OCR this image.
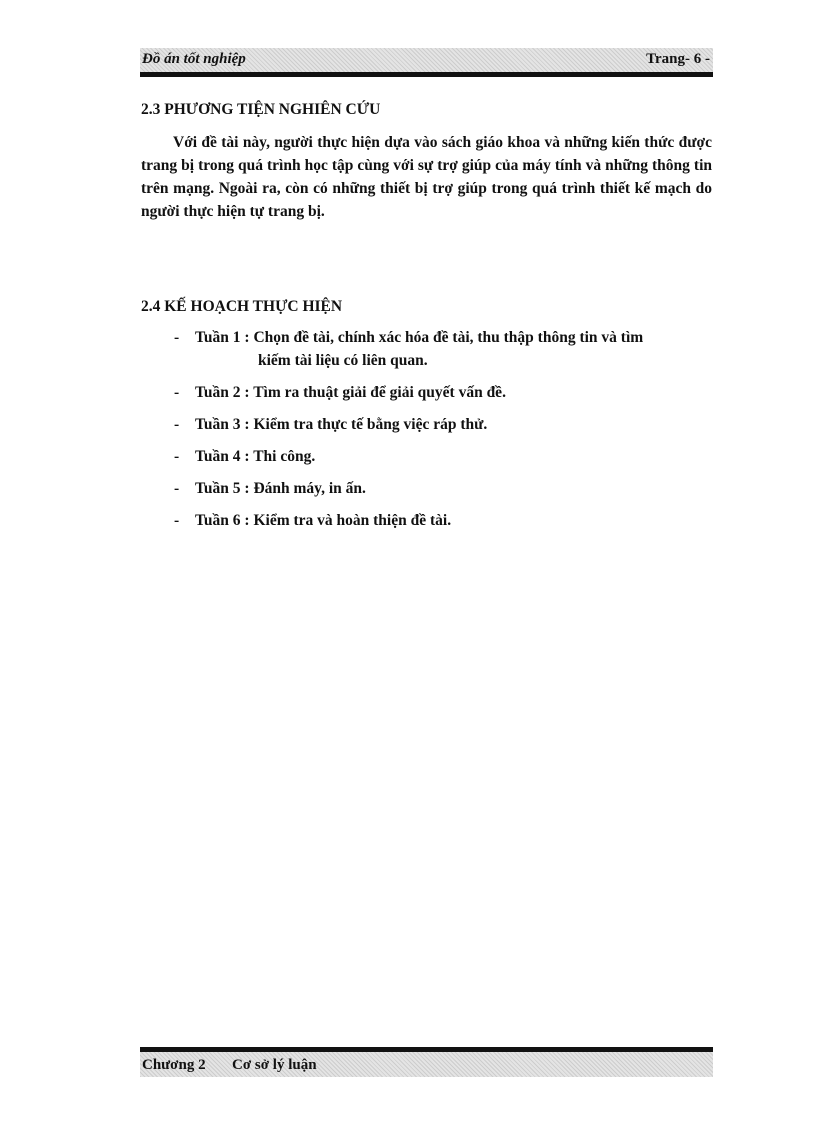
Đồ án tốt nghiệp	Trang- 6 -
2.3 PHƯƠNG TIỆN NGHIÊN CỨU

Với đề tài này, người thực hiện dựa vào sách giáo khoa và những kiến thức được trang bị trong quá trình học tập cùng với sự trợ giúp của máy tính và những thông tin trên mạng. Ngoài ra, còn có những thiết bị trợ giúp trong quá trình thiết kế mạch do người thực hiện tự trang bị.

2.4 KẾ HOẠCH THỰC HIỆN
-	Tuần 1 : Chọn đề tài, chính xác hóa đề tài, thu thập thông tin và tìm
kiếm tài liệu có liên quan.
-	Tuần 2 : Tìm ra thuật giải để giải quyết vấn đề.
-	Tuần 3 : Kiểm tra thực tế bằng việc ráp thử.
-	Tuần 4 : Thi công.
-	Tuần 5 : Đánh máy, in ấn.
-	Tuần 6 : Kiểm tra và hoàn thiện đề tài.
Chương 2 Cơ sở lý luận
